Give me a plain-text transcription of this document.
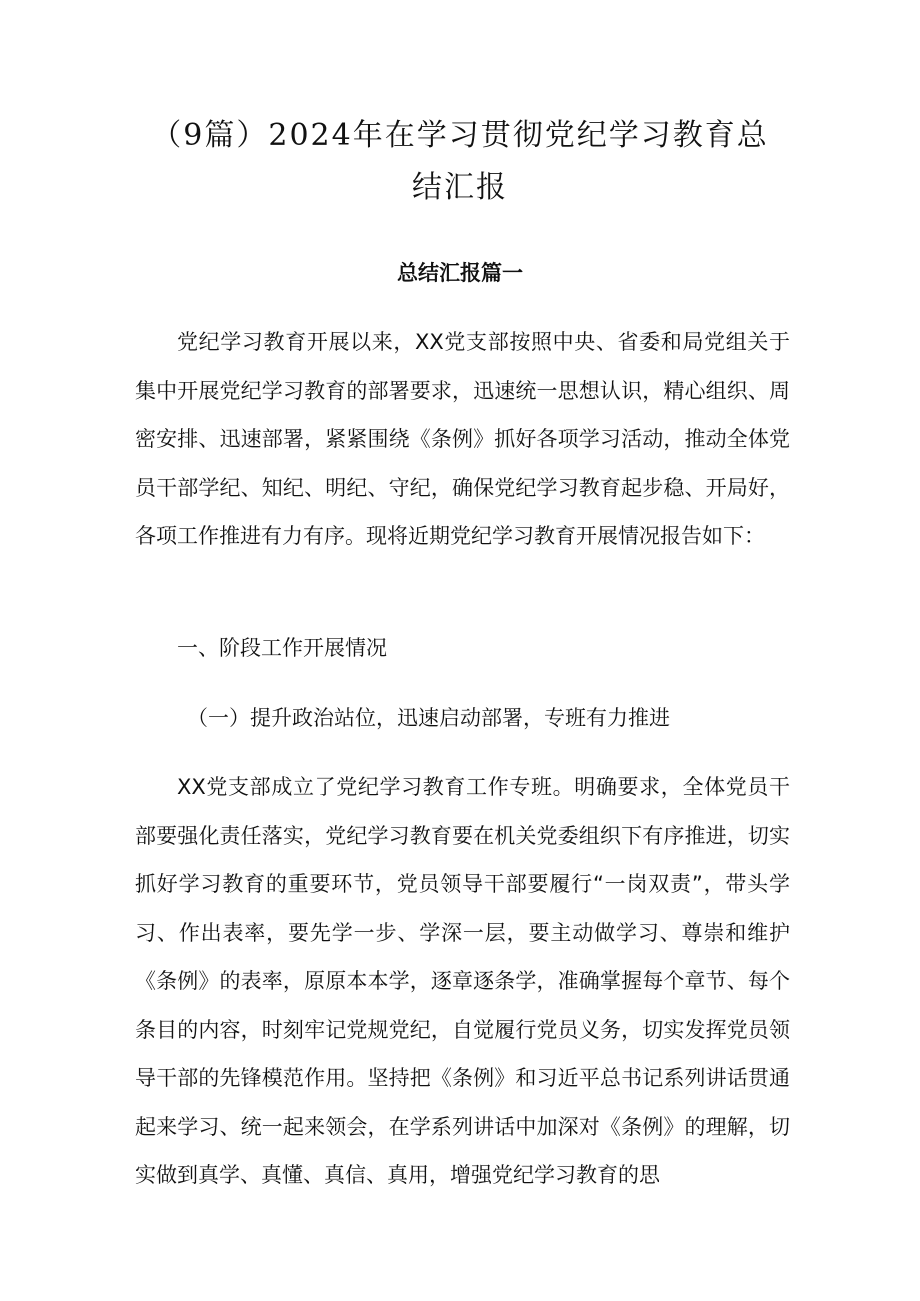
（9篇）2024年在学习贯彻党纪学习教育总
结汇报
总结汇报篇一
党纪学习教育开展以来，XX党支部按照中央、省委和局党组关于集中开展党纪学习教育的部署要求，迅速统一思想认识，精心组织、周密安排、迅速部署，紧紧围绕《条例》抓好各项学习活动，推动全体党员干部学纪、知纪、明纪、守纪，确保党纪学习教育起步稳、开局好，各项工作推进有力有序。现将近期党纪学习教育开展情况报告如下：
一、阶段工作开展情况
（一）提升政治站位，迅速启动部署，专班有力推进
XX党支部成立了党纪学习教育工作专班。明确要求，全体党员干部要强化责任落实，党纪学习教育要在机关党委组织下有序推进，切实抓好学习教育的重要环节，党员领导干部要履行“一岗双责”，带头学习、作出表率，要先学一步、学深一层，要主动做学习、尊崇和维护《条例》的表率，原原本本学，逐章逐条学，准确掌握每个章节、每个条目的内容，时刻牢记党规党纪，自觉履行党员义务，切实发挥党员领导干部的先锋模范作用。坚持把《条例》和习近平总书记系列讲话贯通起来学习、统一起来领会，在学系列讲话中加深对《条例》的理解，切实做到真学、真懂、真信、真用，增强党纪学习教育的思
